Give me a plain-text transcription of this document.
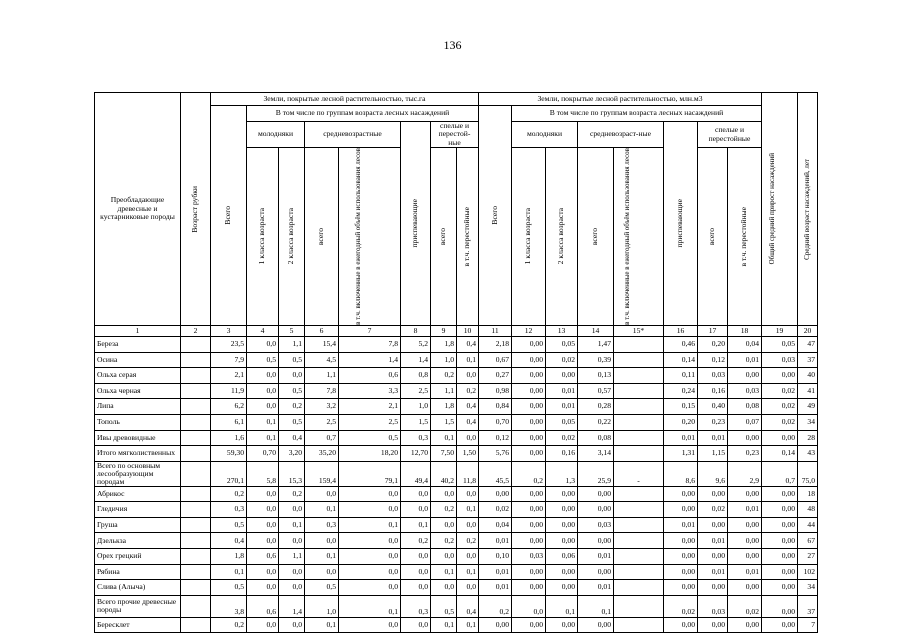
136
Преобладающие древесные и кустарниковые породы	Возраст рубки	Земли, покрытые лесной растительностью, тыс.га								Земли, покрытые лесной растительностью, млн.м3								Общий средний прирост насаждений	Средний возраст насаждений, лет

		Всего	В том числе по группам возраста лесных насаждений							Всего	В том числе по группам возраста лесных насаждений								
			молодняки		средневозрастные		приспевающие	спелые и перестой-ные			молодняки		средневозраст-ные		приспевающие	спелые и перестойные			

			1 класса возраста	2 класса возраста	всего	в т.ч. включенные в ежегодный объём использования лесов		всего	в т.ч. перестойные		1 класса возраста	2 класса возраста	всего	в т.ч. включенные в ежегодный объём использования лесов		всего	в т.ч. перестойные		

1	2	3	4	5	6	7	8	9	10	11	12	13	14	15*	16	17	18	19	20
Береза		23,5	0,0	1,1	15,4	7,8	5,2	1,8	0,4	2,18	0,00	0,05	1,47		0,46	0,20	0,04	0,05	47
Осина		7,9	0,5	0,5	4,5	1,4	1,4	1,0	0,1	0,67	0,00	0,02	0,39		0,14	0,12	0,01	0,03	37
Ольха серая		2,1	0,0	0,0	1,1	0,6	0,8	0,2	0,0	0,27	0,00	0,00	0,13		0,11	0,03	0,00	0,00	40
Ольха черная		11,9	0,0	0,5	7,8	3,3	2,5	1,1	0,2	0,98	0,00	0,01	0,57		0,24	0,16	0,03	0,02	41
Липа		6,2	0,0	0,2	3,2	2,1	1,0	1,8	0,4	0,84	0,00	0,01	0,28		0,15	0,40	0,08	0,02	49
Тополь		6,1	0,1	0,5	2,5	2,5	1,5	1,5	0,4	0,70	0,00	0,05	0,22		0,20	0,23	0,07	0,02	34
Ивы древовидные		1,6	0,1	0,4	0,7	0,5	0,3	0,1	0,0	0,12	0,00	0,02	0,08		0,01	0,01	0,00	0,00	28
Итого мягколиственных		59,30	0,70	3,20	35,20	18,20	12,70	7,50	1,50	5,76	0,00	0,16	3,14		1,31	1,15	0,23	0,14	43
Всего по основным лесообразующим породам		270,1	5,8	15,3	159,4	79,1	49,4	40,2	11,8	45,5	0,2	1,3	25,9	-	8,6	9,6	2,9	0,7	75,0
Абрикос		0,2	0,0	0,2	0,0	0,0	0,0	0,0	0,0	0,00	0,00	0,00	0,00		0,00	0,00	0,00	0,00	18
Гледичия		0,3	0,0	0,0	0,1	0,0	0,0	0,2	0,1	0,02	0,00	0,00	0,00		0,00	0,02	0,01	0,00	48
Груша		0,5	0,0	0,1	0,3	0,1	0,1	0,0	0,0	0,04	0,00	0,00	0,03		0,01	0,00	0,00	0,00	44
Дзелькза		0,4	0,0	0,0	0,0	0,0	0,2	0,2	0,2	0,01	0,00	0,00	0,00		0,00	0,01	0,00	0,00	67
Орех грецкий		1,8	0,6	1,1	0,1	0,0	0,0	0,0	0,0	0,10	0,03	0,06	0,01		0,00	0,00	0,00	0,00	27
Рябина		0,1	0,0	0,0	0,0	0,0	0,0	0,1	0,1	0,01	0,00	0,00	0,00		0,00	0,01	0,01	0,00	102
Слива (Алыча)		0,5	0,0	0,0	0,5	0,0	0,0	0,0	0,0	0,01	0,00	0,00	0,01		0,00	0,00	0,00	0,00	34
Всего прочие древесные породы		3,8	0,6	1,4	1,0	0,1	0,3	0,5	0,4	0,2	0,0	0,1	0,1		0,02	0,03	0,02	0,00	37
Бересклет		0,2	0,0	0,0	0,1	0,0	0,0	0,1	0,1	0,00	0,00	0,00	0,00		0,00	0,00	0,00	0,00	7
